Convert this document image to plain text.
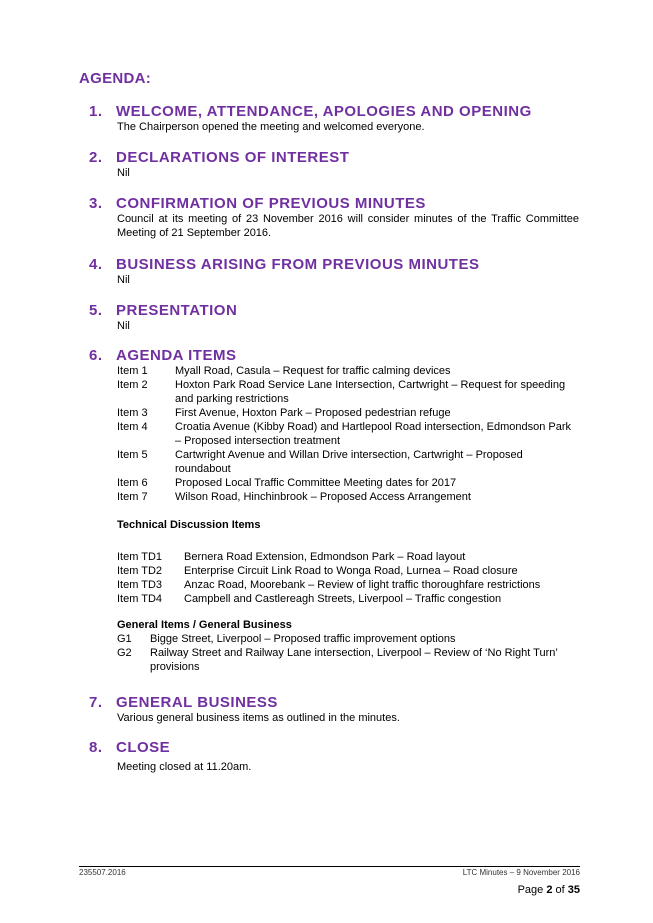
AGENDA:
1. WELCOME, ATTENDANCE, APOLOGIES AND OPENING
The Chairperson opened the meeting and welcomed everyone.
2. DECLARATIONS OF INTEREST
Nil
3. CONFIRMATION OF PREVIOUS MINUTES
Council at its meeting of 23 November 2016 will consider minutes of the Traffic Committee Meeting of 21 September 2016.
4. BUSINESS ARISING FROM PREVIOUS MINUTES
Nil
5. PRESENTATION
Nil
6. AGENDA ITEMS
Item 1	Myall Road, Casula – Request for traffic calming devices
Item 2	Hoxton Park Road Service Lane Intersection, Cartwright – Request for speeding and parking restrictions
Item 3	First Avenue, Hoxton Park – Proposed pedestrian refuge
Item 4	Croatia Avenue (Kibby Road) and Hartlepool Road intersection, Edmondson Park – Proposed intersection treatment
Item 5	Cartwright Avenue and Willan Drive intersection, Cartwright – Proposed roundabout
Item 6	Proposed Local Traffic Committee Meeting dates for 2017
Item 7	Wilson Road, Hinchinbrook – Proposed Access Arrangement
Technical Discussion Items
Item TD1	Bernera Road Extension, Edmondson Park – Road layout
Item TD2	Enterprise Circuit Link Road to Wonga Road, Lurnea – Road closure
Item TD3	Anzac Road, Moorebank – Review of light traffic thoroughfare restrictions
Item TD4	Campbell and Castlereagh Streets, Liverpool – Traffic congestion
General Items / General Business
G1	Bigge Street, Liverpool – Proposed traffic improvement options
G2	Railway Street and Railway Lane intersection, Liverpool – Review of ‘No Right Turn’ provisions
7. GENERAL BUSINESS
Various general business items as outlined in the minutes.
8. CLOSE
Meeting closed at 11.20am.
235507.2016	LTC Minutes – 9 November 2016
Page 2 of 35
